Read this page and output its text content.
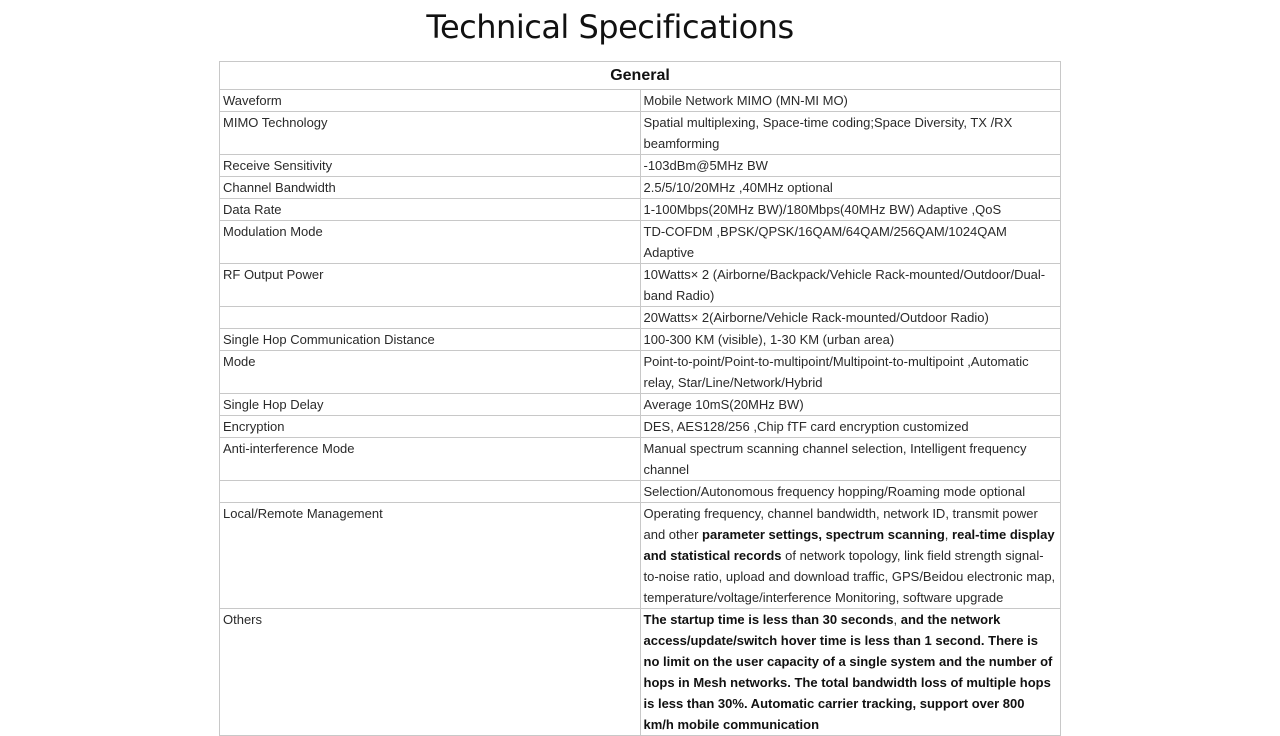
Technical Specifications
General	
Waveform	Mobile Network MIMO (MN-MI MO)
MIMO Technology	Spatial multiplexing, Space-time coding;Space Diversity, TX /RX beamforming
Receive Sensitivity	-103dBm@5MHz BW
Channel Bandwidth	2.5/5/10/20MHz ,40MHz optional
Data Rate	1-100Mbps(20MHz BW)/180Mbps(40MHz BW) Adaptive ,QoS
Modulation Mode	TD-COFDM ,BPSK/QPSK/16QAM/64QAM/256QAM/1024QAM Adaptive
RF Output Power	10Watts× 2 (Airborne/Backpack/Vehicle Rack-mounted/Outdoor/Dual-band Radio)
	20Watts× 2(Airborne/Vehicle Rack-mounted/Outdoor Radio)
Single Hop Communication Distance	100-300 KM (visible), 1-30 KM (urban area)
Mode	Point-to-point/Point-to-multipoint/Multipoint-to-multipoint ,Automatic relay, Star/Line/Network/Hybrid
Single Hop Delay	Average 10mS(20MHz BW)
Encryption	DES, AES128/256 ,Chip fTF card encryption customized
Anti-interference Mode	Manual spectrum scanning channel selection, Intelligent frequency channel
	Selection/Autonomous frequency hopping/Roaming mode optional
Local/Remote Management	Operating frequency, channel bandwidth, network ID, transmit power and other parameter settings, spectrum scanning, real-time display and statistical records of network topology, link field strength signal-to-noise ratio, upload and download traffic, GPS/Beidou electronic map, temperature/voltage/interference Monitoring, software upgrade
Others	The startup time is less than 30 seconds, and the network access/update/switch hover time is less than 1 second. There is no limit on the user capacity of a single system and the number of hops in Mesh networks. The total bandwidth loss of multiple hops is less than 30%. Automatic carrier tracking, support over 800 km/h mobile communication
